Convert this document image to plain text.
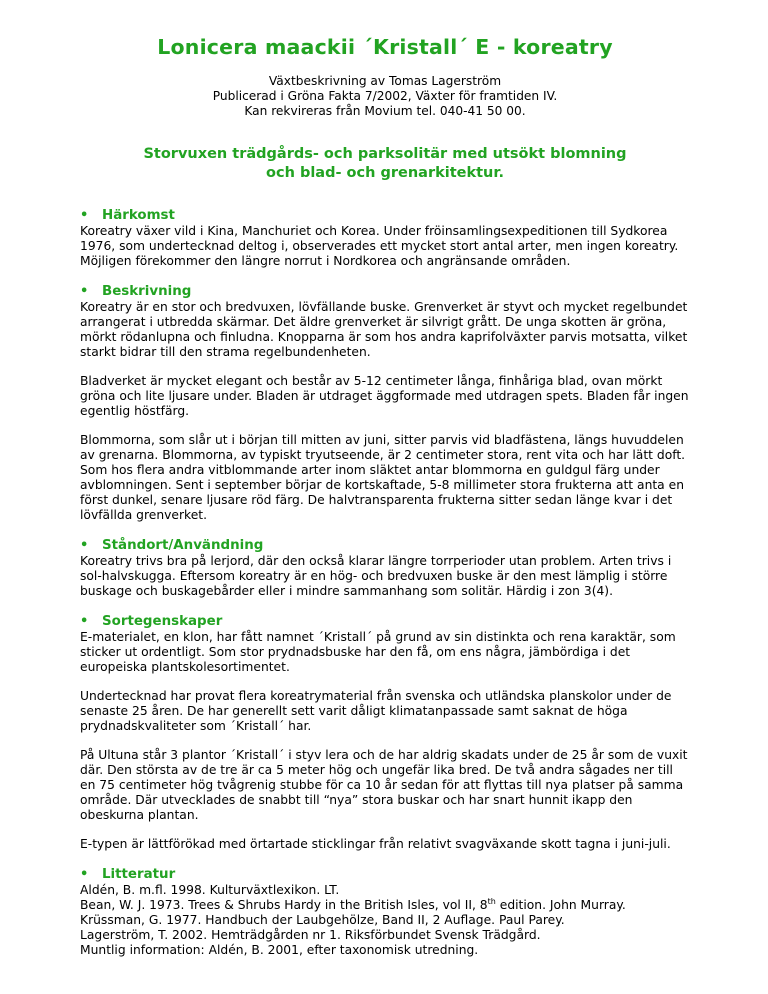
Lonicera maackii ´Kristall´ E - koreatry

Växtbeskrivning av Tomas Lagerström

Publicerad i Gröna Fakta 7/2002, Växter för framtiden IV.

Kan rekvireras från Movium tel. 040-41 50 00.

Storvuxen trädgårds- och parksolitär med utsökt blomning
och blad- och grenarkitektur.
•	Härkomst

Koreatry växer vild i Kina, Manchuriet och Korea. Under fröinsamlingsexpeditionen till Sydkorea 1976, som undertecknad deltog i, observerades ett mycket stort antal arter, men ingen koreatry. Möjligen förekommer den längre norrut i Nordkorea och angränsande områden.

•	Beskrivning

Koreatry är en stor och bredvuxen, lövfällande buske. Grenverket är styvt och mycket regelbundet arrangerat i utbredda skärmar. Det äldre grenverket är silvrigt grått. De unga skotten är gröna, mörkt rödanlupna och finludna. Knopparna är som hos andra kaprifolväxter parvis motsatta, vilket starkt bidrar till den strama regelbundenheten.

Bladverket är mycket elegant och består av 5-12 centimeter långa, finhåriga blad, ovan mörkt gröna och lite ljusare under. Bladen är utdraget äggformade med utdragen spets. Bladen får ingen egentlig höstfärg.

Blommorna, som slår ut i början till mitten av juni, sitter parvis vid bladfästena, längs huvuddelen av grenarna. Blommorna, av typiskt tryutseende, är 2 centimeter stora, rent vita och har lätt doft. Som hos flera andra vitblommande arter inom släktet antar blommorna en guldgul färg under avblomningen. Sent i september börjar de kortskaftade, 5-8 millimeter stora frukterna att anta en först dunkel, senare ljusare röd färg. De halvtransparenta frukterna sitter sedan länge kvar i det lövfällda grenverket.

•	Ståndort/Användning

Koreatry trivs bra på lerjord, där den också klarar längre torrperioder utan problem. Arten trivs i sol-halvskugga. Eftersom koreatry är en hög- och bredvuxen buske är den mest lämplig i större buskage och buskagebårder eller i mindre sammanhang som solitär. Härdig i zon 3(4).

•	Sortegenskaper

E-materialet, en klon, har fått namnet ´Kristall´ på grund av sin distinkta och rena karaktär, som sticker ut ordentligt. Som stor prydnadsbuske har den få, om ens några, jämbördiga i det europeiska plantskolesortimentet.

Undertecknad har provat flera koreatrymaterial från svenska och utländska planskolor under de senaste 25 åren. De har generellt sett varit dåligt klimatanpassade samt saknat de höga prydnadskvaliteter som ´Kristall´ har.

På Ultuna står 3 plantor ´Kristall´ i styv lera och de har aldrig skadats under de 25 år som de vuxit där. Den största av de tre är ca 5 meter hög och ungefär lika bred. De två andra sågades ner till en 75 centimeter hög tvågrenig stubbe för ca 10 år sedan för att flyttas till nya platser på samma område. Där utvecklades de snabbt till “nya” stora buskar och har snart hunnit ikapp den obeskurna plantan.

E-typen är lättförökad med örtartade sticklingar från relativt svagväxande skott tagna i juni-juli.

•	Litteratur

Aldén, B. m.fl. 1998. Kulturväxtlexikon. LT.

Bean, W. J. 1973. Trees & Shrubs Hardy in the British Isles, vol II, 8th edition. John Murray.

Krüssman, G. 1977. Handbuch der Laubgehölze, Band II, 2 Auflage. Paul Parey.

Lagerström, T. 2002. Hemträdgården nr 1. Riksförbundet Svensk Trädgård.

Muntlig information: Aldén, B. 2001, efter taxonomisk utredning.
